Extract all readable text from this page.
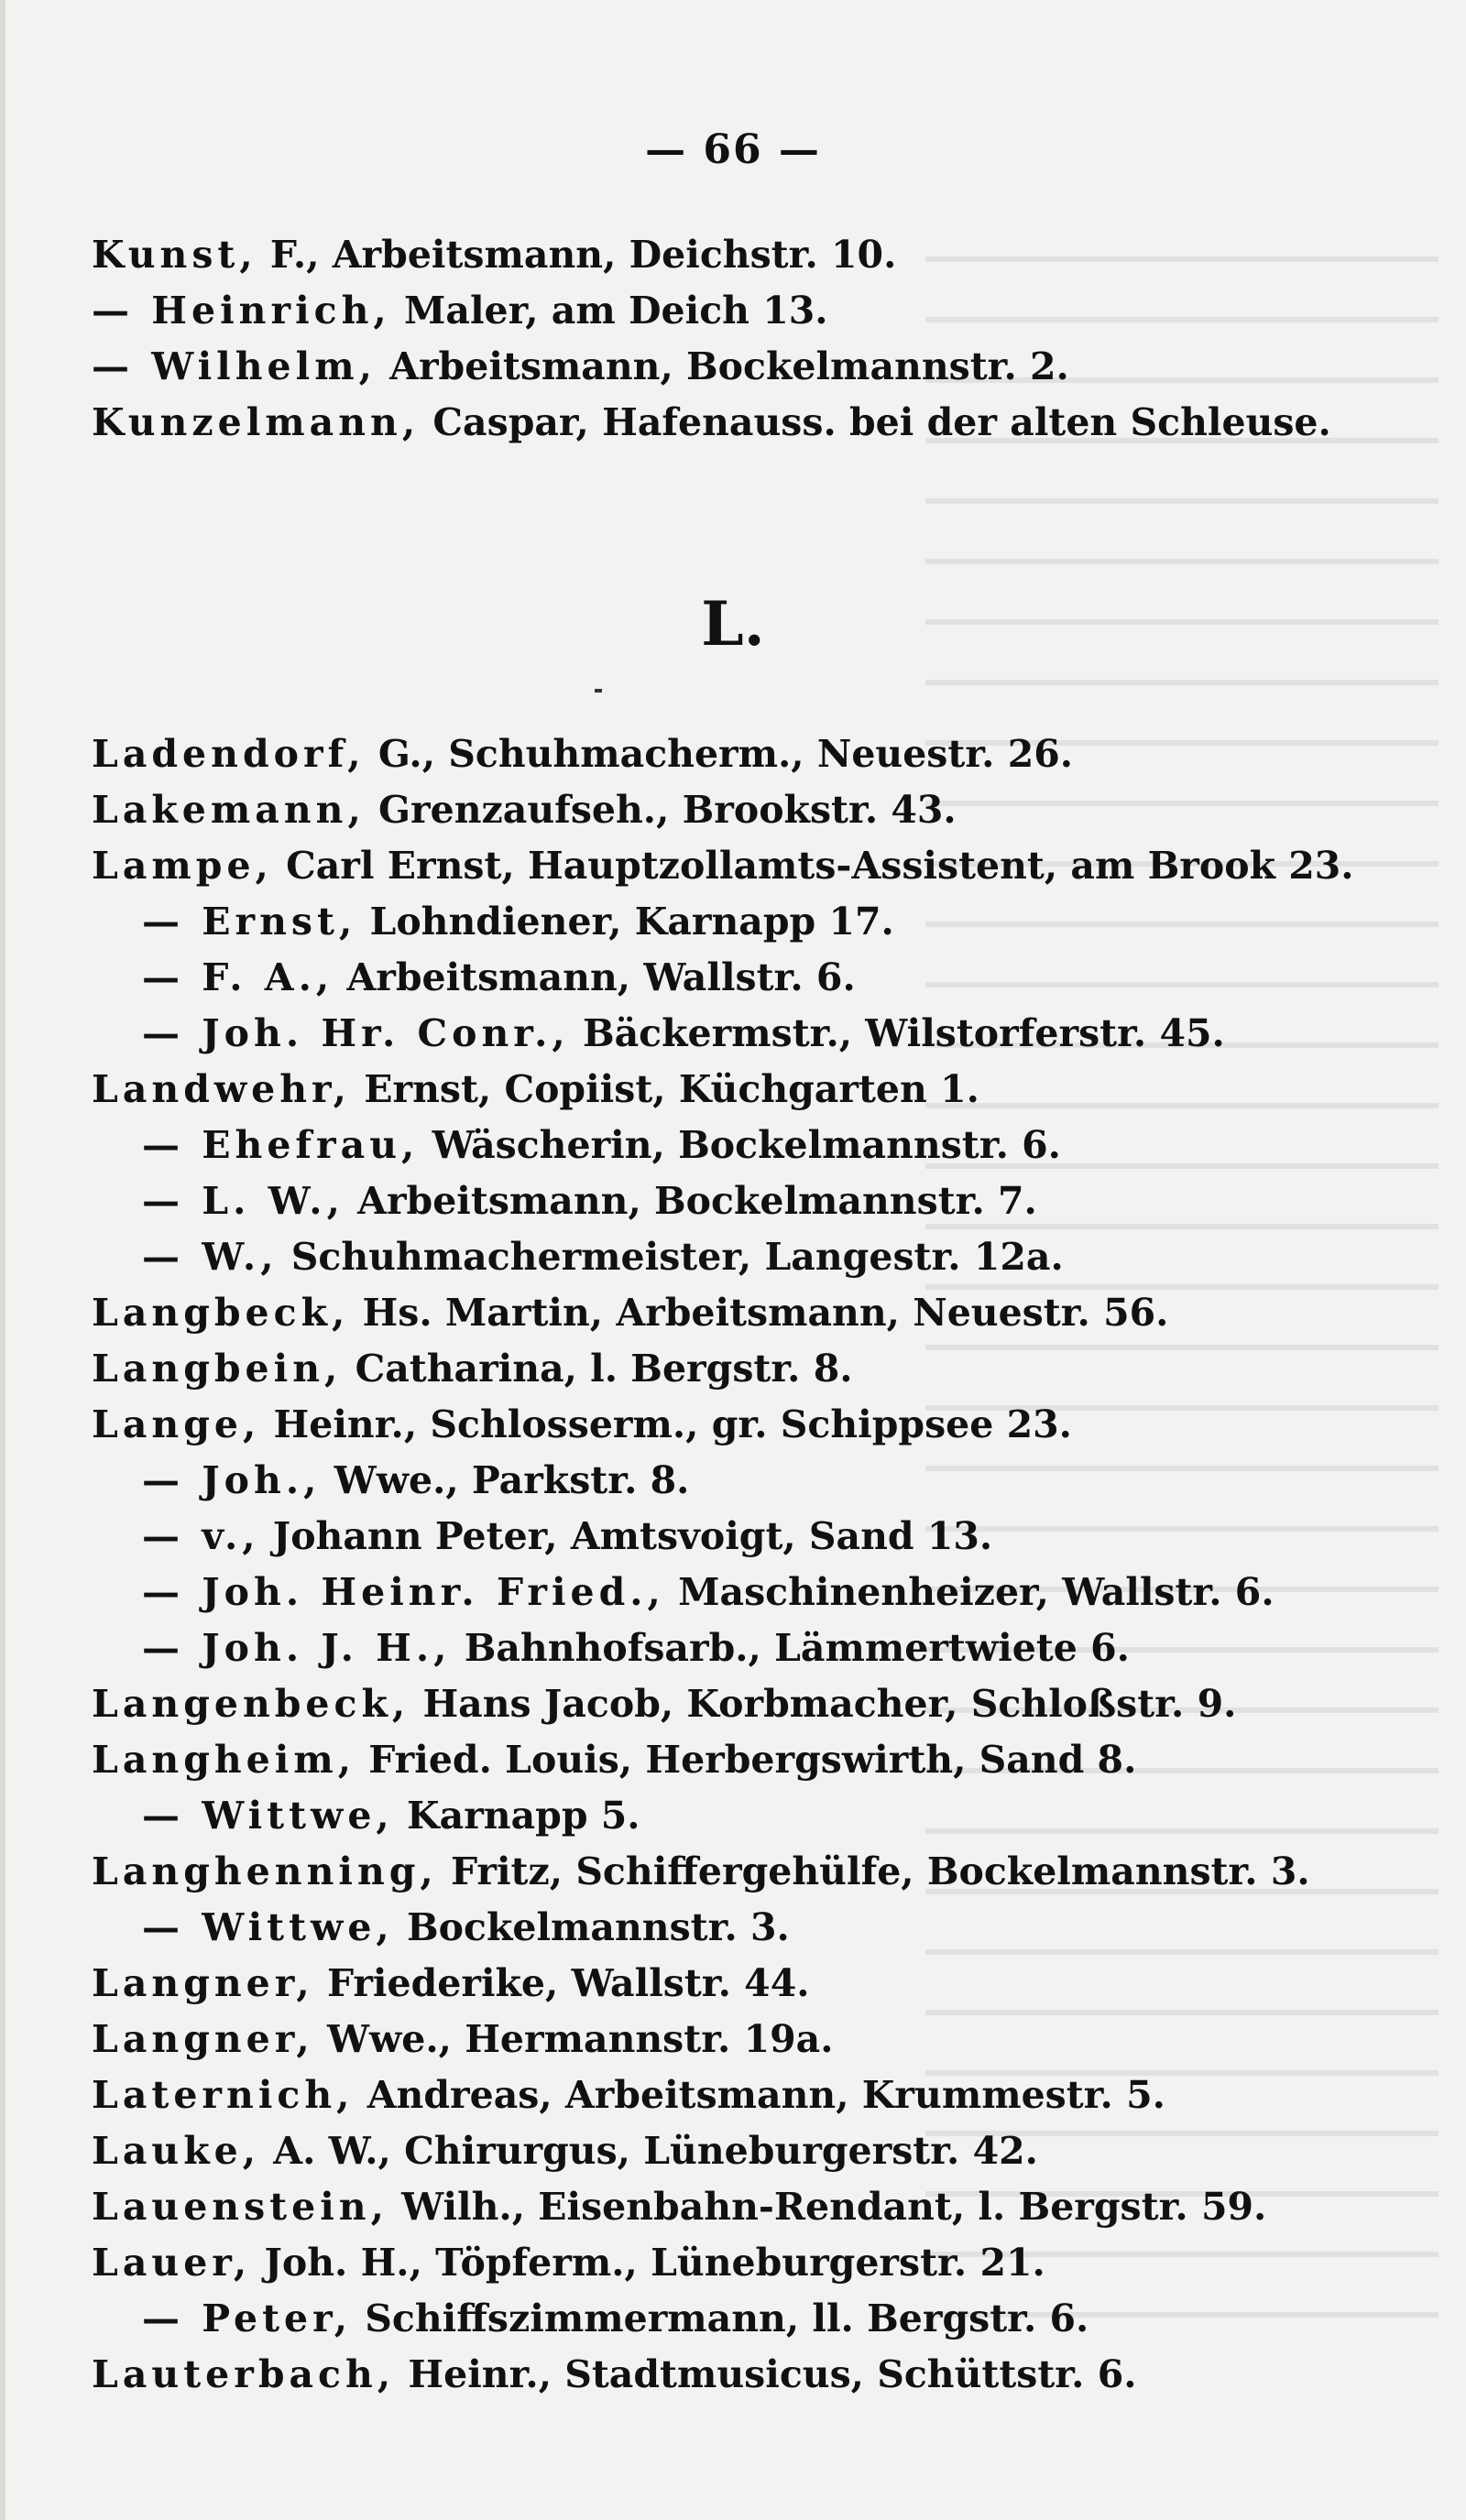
— 66 —
Kunst, F., Arbeitsmann, Deichstr. 10.
— Heinrich, Maler, am Deich 13.
— Wilhelm, Arbeitsmann, Bockelmannstr. 2.
Kunzelmann, Caspar, Hafenauss. bei der alten Schleuse.
L.
Ladendorf, G., Schuhmacherm., Neuestr. 26.
Lakemann, Grenzaufseh., Brookstr. 43.
Lampe, Carl Ernst, Hauptzollamts-Assistent, am Brook 23.
— Ernst, Lohndiener, Karnapp 17.
— F. A., Arbeitsmann, Wallstr. 6.
— Joh. Hr. Conr., Bäckermstr., Wilstorferstr. 45.
Landwehr, Ernst, Copiist, Küchgarten 1.
— Ehefrau, Wäscherin, Bockelmannstr. 6.
— L. W., Arbeitsmann, Bockelmannstr. 7.
— W., Schuhmachermeister, Langestr. 12a.
Langbeck, Hs. Martin, Arbeitsmann, Neuestr. 56.
Langbein, Catharina, l. Bergstr. 8.
Lange, Heinr., Schlosserm., gr. Schippsee 23.
— Joh., Wwe., Parkstr. 8.
— v., Johann Peter, Amtsvoigt, Sand 13.
— Joh. Heinr. Fried., Maschinenheizer, Wallstr. 6.
— Joh. J. H., Bahnhofsarb., Lämmertwiete 6.
Langenbeck, Hans Jacob, Korbmacher, Schloßstr. 9.
Langheim, Fried. Louis, Herbergswirth, Sand 8.
— Wittwe, Karnapp 5.
Langhenning, Fritz, Schiffergehülfe, Bockelmannstr. 3.
— Wittwe, Bockelmannstr. 3.
Langner, Friederike, Wallstr. 44.
Langner, Wwe., Hermannstr. 19a.
Laternich, Andreas, Arbeitsmann, Krummestr. 5.
Lauke, A. W., Chirurgus, Lüneburgerstr. 42.
Lauenstein, Wilh., Eisenbahn-Rendant, l. Bergstr. 59.
Lauer, Joh. H., Töpferm., Lüneburgerstr. 21.
— Peter, Schiffszimmermann, ll. Bergstr. 6.
Lauterbach, Heinr., Stadtmusicus, Schüttstr. 6.
